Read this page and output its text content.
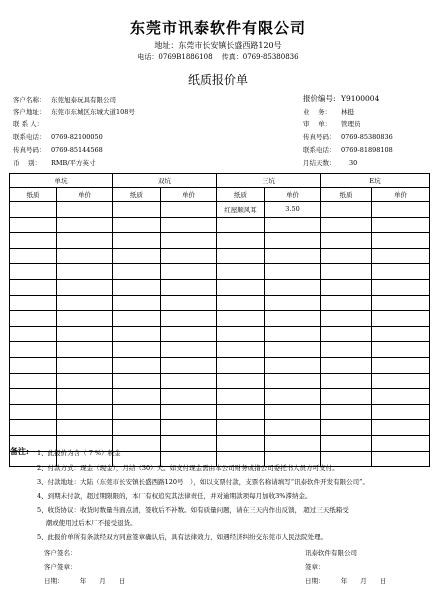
东莞市讯泰软件有限公司
地址：东莞市长安镇长盛西路120号
电话：0769B1886108　 传真：0769-85380836
纸质报价单
客户名称： 东莞旭泰玩具有限公司
客户地址： 东莞市东城区东城大道108号
联 系 人：
联系电话： 0769-82100050
传真号码： 0769-85144568
币　 别： RMB/平方英寸
报价编号: Y9100004
业　 务： 林挺
审　 单： 管理员
传真号码： 0769-85380836
联系电话： 0769-81898108
月结天数： 30
单坑		双坑		三坑		E坑	
纸质	单价	纸质	单价	纸质	单价	纸质	单价
				红屋顺风耳	3.50		

备注: 1、此报价为含（ 7 %）税金
2、付款方式：现金（现金），月结（30）天。如支付现金需由本公司财务或指公司委托书人员方可支付。
3、付款地址：大陆（东莞市长安镇长盛西路120号　），如以支票付款，支票名称请填写“讯泰软件开发有限公司”。
4、到期未付款，超过期限限的，本厂有权追究其法律责任，并对逾期款项每月加收3%滞纳金。
5、收货协议：收货时数量当面点清，签收后不补数。如有质量问题，请在三天内作出反馈， 超过三天纸箱受
　 潮或使用过后本厂不接受退货。
5、此报价单所有条款经双方同意签章确认后，具有法律效力，如遇经济纠纷交东莞市人民法院处理。
客户签名：
客户签章：
日期：　　　年　　月　　日
讯泰软件有限公司
签章：
日期：　　　年　　月　　日
